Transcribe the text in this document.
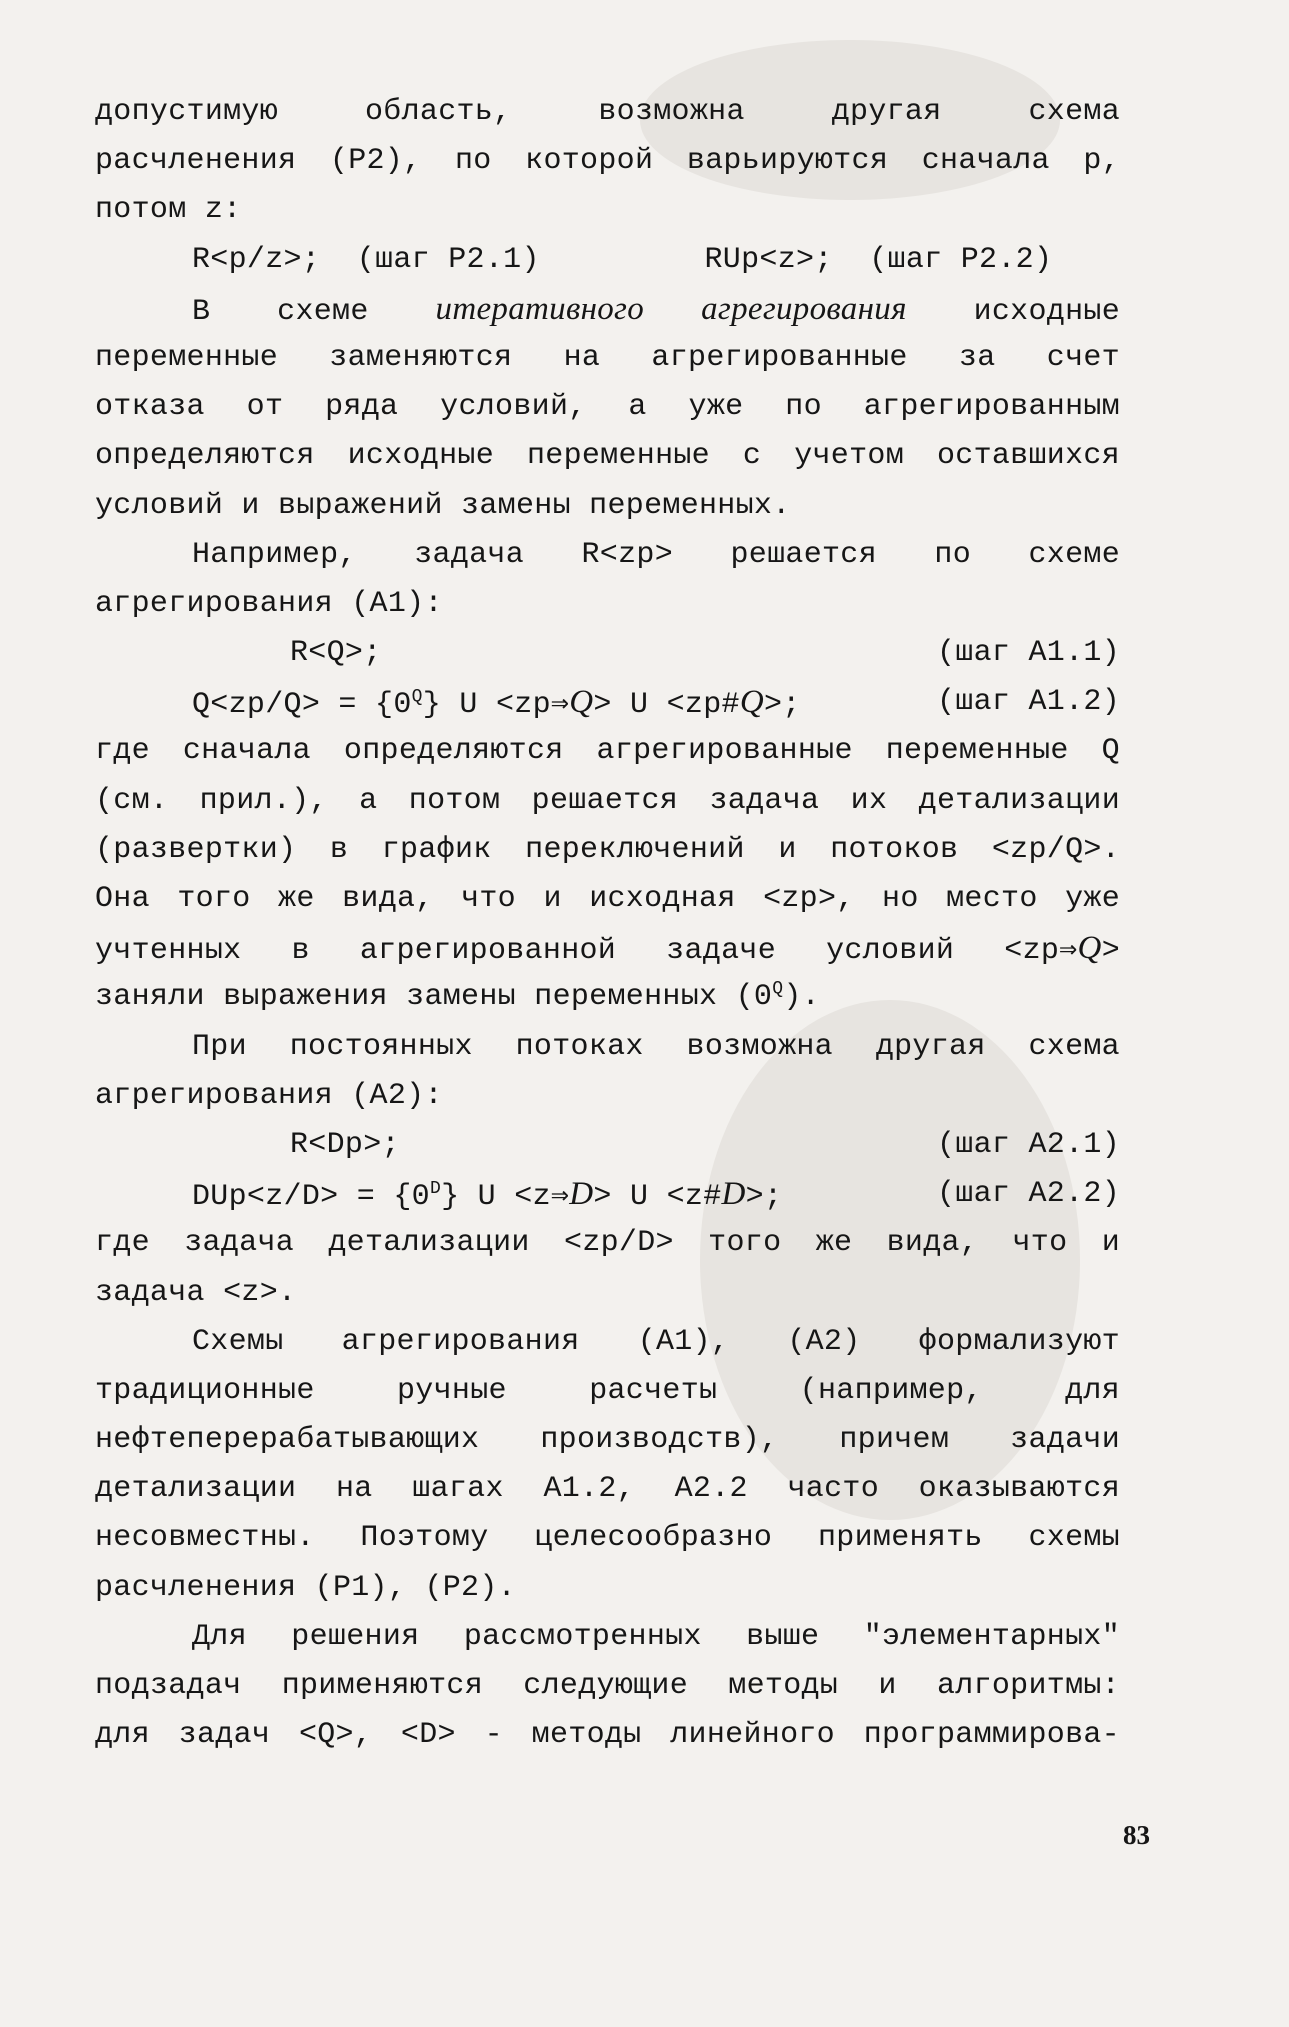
допустимую область, возможна другая схема
расчленения (Р2), по которой варьируются сначала р,
потом z:
R<p/z>;  (шаг Р2.1)	RUp<z>;  (шаг Р2.2)
В схеме итеративного агрегирования исходные
переменные заменяются на агрегированные за счет
отказа от ряда условий, а уже по агрегированным
определяются исходные переменные с учетом оставшихся
условий и выражений замены переменных.
Например, задача R<zp> решается по схеме
агрегирования (А1):
R<Q>;	(шаг А1.1)
$Q<zp/Q> = \{0^Q\}$ U <zp⇒Q> U <zp#Q>;	(шаг А1.2)
где сначала определяются агрегированные переменные Q
(см. прил.), а потом решается задача их детализации
(развертки) в график переключений и потоков <zp/Q>.
Она того же вида, что и исходная <zp>, но место уже
учтенных в агрегированной задаче условий <zp⇒Q>
заняли выражения замены переменных $(0^Q)$.
При постоянных потоках возможна другая схема
агрегирования (А2):
R<Dp>;	(шаг А2.1)
$DUp<z/D> = \{0^D\}$ U <z⇒D> U <z#D>;	(шаг А2.2)
где задача детализации <zp/D> того же вида, что и
задача <z>.
Схемы агрегирования (А1), (А2) формализуют
традиционные ручные расчеты (например, для
нефтеперерабатывающих производств), причем задачи
детализации на шагах А1.2, А2.2 часто оказываются
несовместны. Поэтому целесообразно применять схемы
расчленения (Р1), (Р2).
Для решения рассмотренных выше "элементарных"
подзадач применяются следующие методы и алгоритмы:
для задач <Q>, <D> - методы линейного программирова-
83
